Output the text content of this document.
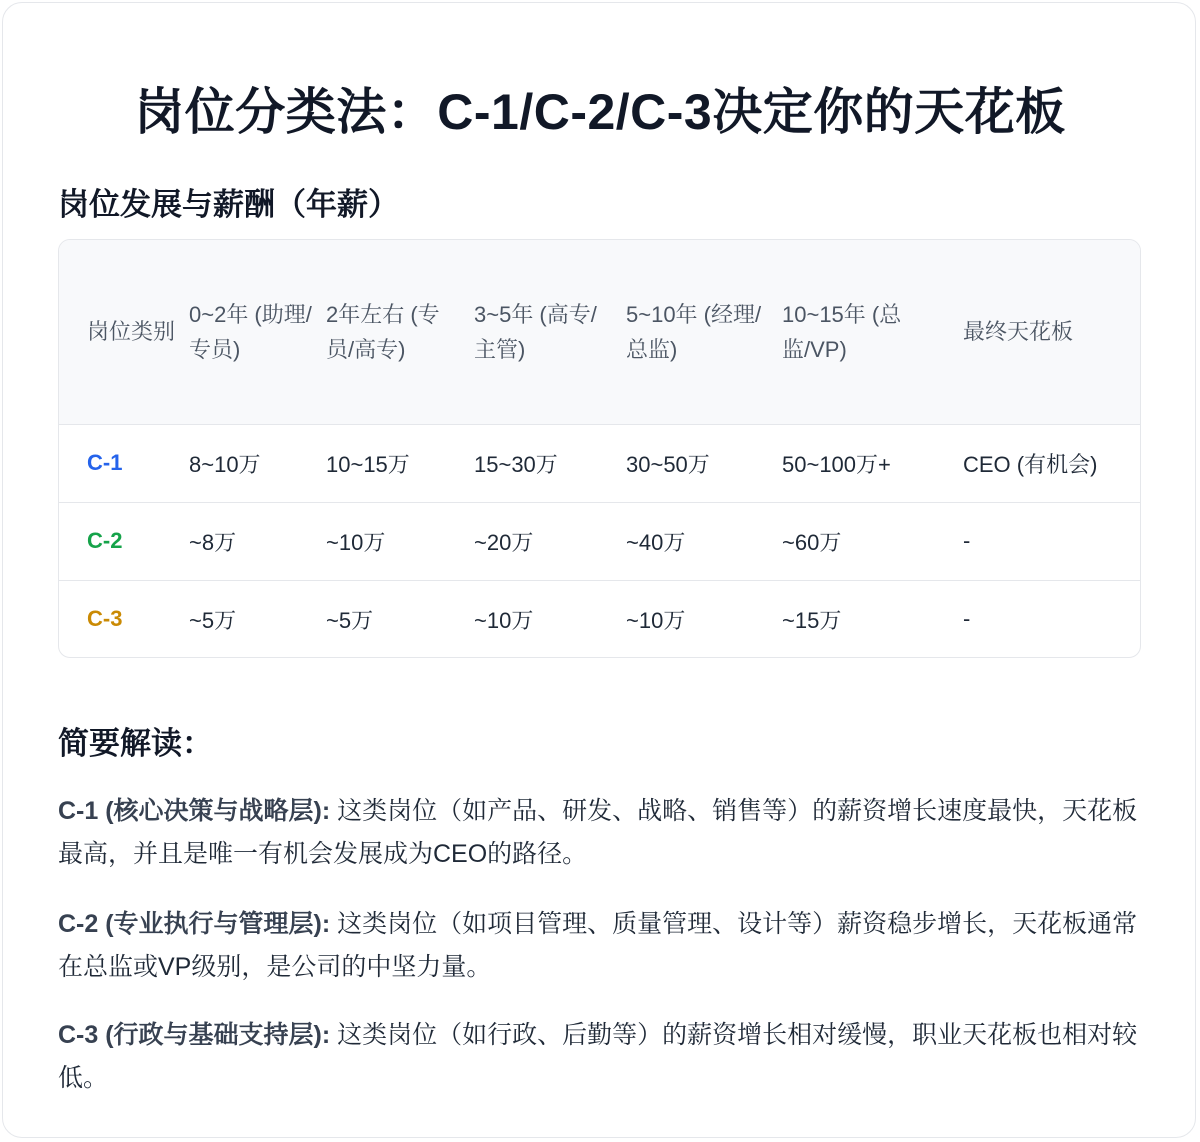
岗位分类法：C-1/C-2/C-3决定你的天花板
岗位发展与薪酬（年薪）
岗位类别	0~2年 (助理/专员)	2年左右 (专员/高专)	3~5年 (高专/主管)	5~10年 (经理/总监)	10~15年 (总监/VP)	最终天花板
C-1	8~10万	10~15万	15~30万	30~50万	50~100万+	CEO (有机会)
C-2	~8万	~10万	~20万	~40万	~60万	-
C-3	~5万	~5万	~10万	~10万	~15万	-
简要解读：

C-1 (核心决策与战略层): 这类岗位（如产品、研发、战略、销售等）的薪资增长速度最快，天花板最高，并且是唯一有机会发展成为CEO的路径。

C-2 (专业执行与管理层): 这类岗位（如项目管理、质量管理、设计等）薪资稳步增长，天花板通常在总监或VP级别，是公司的中坚力量。

C-3 (行政与基础支持层): 这类岗位（如行政、后勤等）的薪资增长相对缓慢，职业天花板也相对较低。
